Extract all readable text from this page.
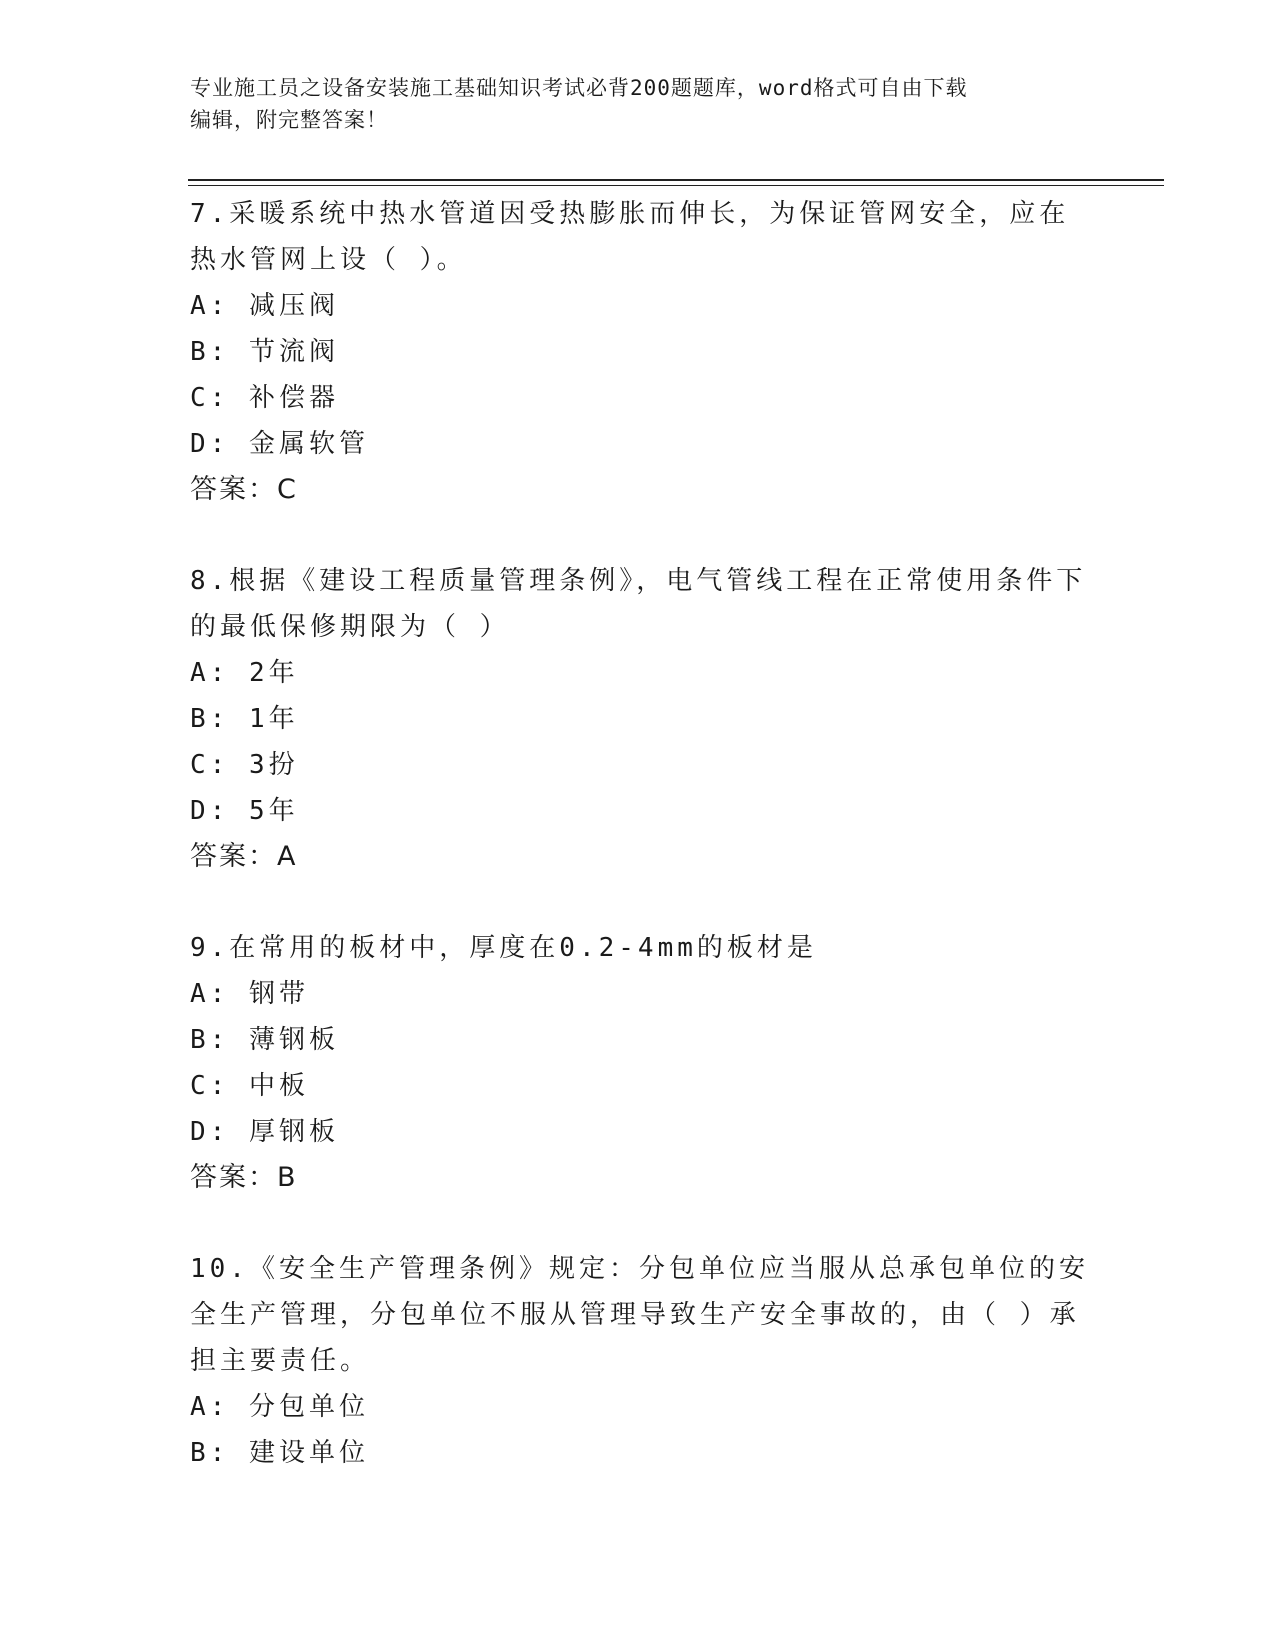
专业施工员之设备安装施工基础知识考试必背200题题库，word格式可自由下载
编辑，附完整答案！

7.采暖系统中热水管道因受热膨胀而伸长，为保证管网安全，应在热水管网上设（ ）。

A: 减压阀

B: 节流阀

C: 补偿器

D: 金属软管

答案：C

8.根据《建设工程质量管理条例》，电气管线工程在正常使用条件下的最低保修期限为（ ）

A: 2年

B: 1年

C: 3扮

D: 5年

答案：A

9.在常用的板材中，厚度在0.2-4mm的板材是

A: 钢带

B: 薄钢板

C: 中板

D: 厚钢板

答案：B

10.《安全生产管理条例》规定：分包单位应当服从总承包单位的安全生产管理，分包单位不服从管理导致生产安全事故的，由（ ）承担主要责任。

A: 分包单位

B: 建设单位
